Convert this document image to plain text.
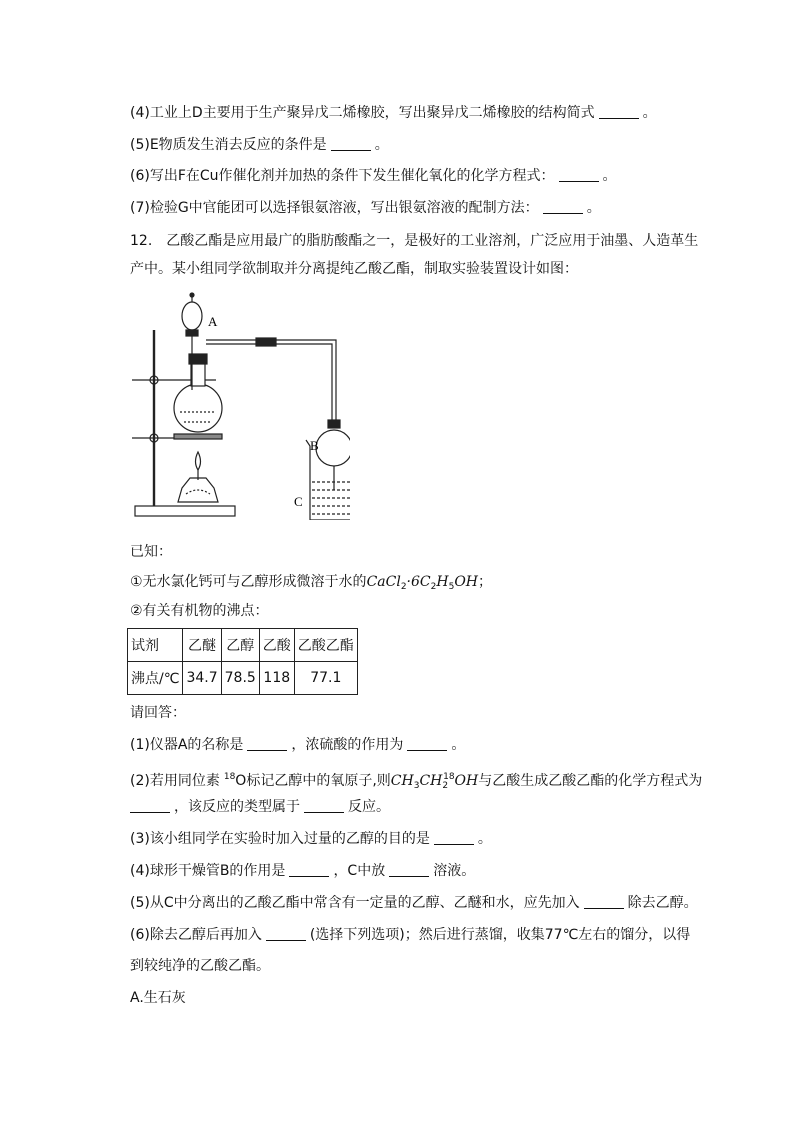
(4)工业上D主要用于生产聚异戊二烯橡胶，写出聚异戊二烯橡胶的结构简式	。
(5)E物质发生消去反应的条件是	。
(6)写出F在Cu作催化剂并加热的条件下发生催化氧化的化学方程式：	。
(7)检验G中官能团可以选择银氨溶液，写出银氨溶液的配制方法：	。
12. 乙酸乙酯是应用最广的脂肪酸酯之一，是极好的工业溶剂，广泛应用于油墨、人造革生
产中。某小组同学欲制取并分离提纯乙酸乙酯，制取实验装置设计如图：
A
B
C
已知：
①无水氯化钙可与乙醇形成微溶于水的$CaCl_2\cdot 6C_2H_5OH$；
②有关有机物的沸点：
试剂	乙醚	乙醇	乙酸	乙酸乙酯
沸点/℃	34.7	78.5	118	77.1
请回答：
(1)仪器A的名称是	，浓硫酸的作用为	。
(2)若用同位素 $^{18}$O标记乙醇中的氧原子,则$CH_3CH_2^{18}OH$与乙酸生成乙酸乙酯的化学方程式为
，该反应的类型属于	反应。
(3)该小组同学在实验时加入过量的乙醇的目的是	。
(4)球形干燥管B的作用是	，C中放	溶液。
(5)从C中分离出的乙酸乙酯中常含有一定量的乙醇、乙醚和水，应先加入	除去乙醇。
(6)除去乙醇后再加入	(选择下列选项)；然后进行蒸馏，收集77℃左右的馏分，以得
到较纯净的乙酸乙酯。
A.生石灰
